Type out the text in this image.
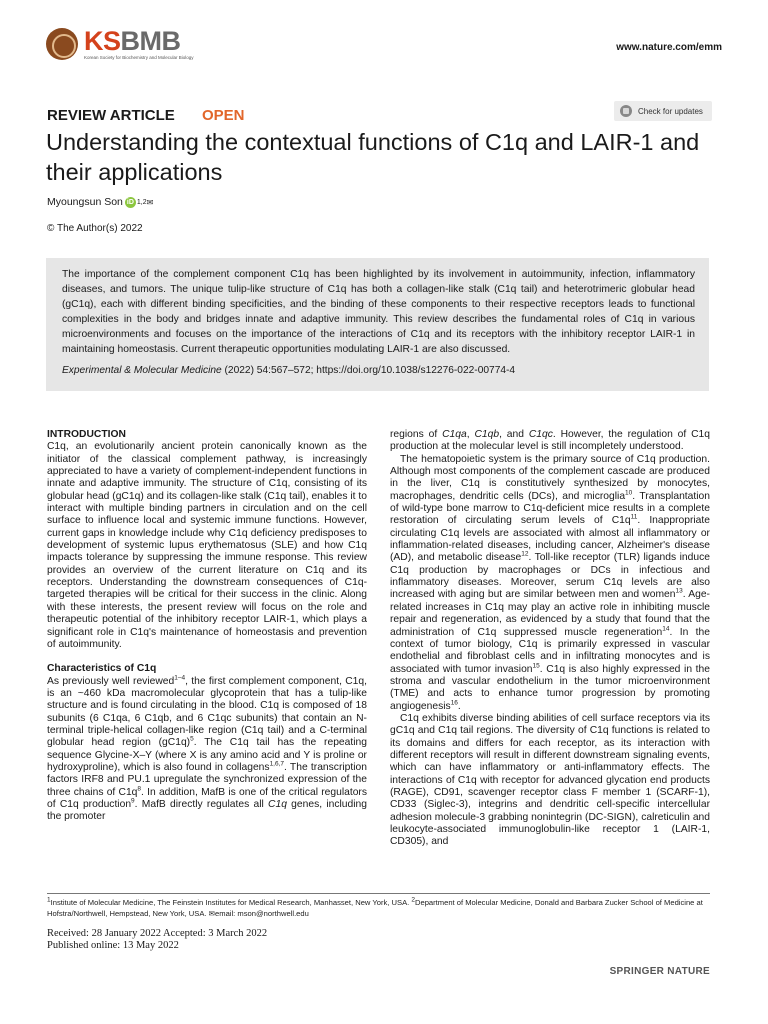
KSBMB
Korean Society for Biochemistry and Molecular Biology
www.nature.com/emm
REVIEW ARTICLE OPEN	Check for updates
Understanding the contextual functions of C1q and LAIR-1 and their applications
Myoungsun Son iD 1,2 ✉
© The Author(s) 2022

The importance of the complement component C1q has been highlighted by its involvement in autoimmunity, infection, inflammatory diseases, and tumors. The unique tulip-like structure of C1q has both a collagen-like stalk (C1q tail) and heterotrimeric globular head (gC1q), each with different binding specificities, and the binding of these components to their respective receptors leads to functional complexities in the body and bridges innate and adaptive immunity. This review describes the fundamental roles of C1q in various microenvironments and focuses on the importance of the interactions of C1q and its receptors with the inhibitory receptor LAIR-1 in maintaining homeostasis. Current therapeutic opportunities modulating LAIR-1 are also discussed.

Experimental & Molecular Medicine (2022) 54:567–572; https://doi.org/10.1038/s12276-022-00774-4
INTRODUCTION

C1q, an evolutionarily ancient protein canonically known as the initiator of the classical complement pathway, is increasingly appreciated to have a variety of complement-independent functions in innate and adaptive immunity. The structure of C1q, consisting of its globular head (gC1q) and its collagen-like stalk (C1q tail), enables it to interact with multiple binding partners in circulation and on the cell surface to influence local and systemic immune functions. However, current gaps in knowledge include why C1q deficiency predisposes to development of systemic lupus erythematosus (SLE) and how C1q impacts tolerance by suppressing the immune response. This review provides an overview of the current literature on C1q and its receptors. Understanding the downstream consequences of C1q-targeted therapies will be critical for their success in the clinic. Along with these interests, the present review will focus on the role and therapeutic potential of the inhibitory receptor LAIR-1, which plays a significant role in C1q's maintenance of homeostasis and prevention of autoimmunity.

Characteristics of C1q

As previously well reviewed$^{1-4}$, the first complement component, C1q, is an ~460 kDa macromolecular glycoprotein that has a tulip-like structure and is found circulating in the blood. C1q is composed of 18 subunits (6 C1qa, 6 C1qb, and 6 C1qc subunits) that contain an N-terminal triple-helical collagen-like region (C1q tail) and a C-terminal globular head region $(gC1q)^5$. The C1q tail has the repeating sequence Glycine-X–Y (where X is any amino acid and Y is proline or hydroxyproline), which is also found in collagens$^{1,6,7}$. The transcription factors IRF8 and PU.1 upregulate the synchronized expression of the three chains of $C1q^8$. In addition, MafB is one of the critical regulators of C1q production$^9$. MafB directly regulates all C1q genes, including the promoter

regions of C1qa, C1qb, and C1qc. However, the regulation of C1q production at the molecular level is still incompletely understood.

The hematopoietic system is the primary source of C1q production. Although most components of the complement cascade are produced in the liver, C1q is constitutively synthesized by monocytes, macrophages, dendritic cells (DCs), and microglia$^{10}$. Transplantation of wild-type bone marrow to C1q-deficient mice results in a complete restoration of circulating serum levels of $C1q^{11}$. Inappropriate circulating C1q levels are associated with almost all inflammatory or inflammation-related diseases, including cancer, Alzheimer's disease (AD), and metabolic disease$^{12}$. Toll-like receptor (TLR) ligands induce C1q production by macrophages or DCs in infectious and inflammatory diseases. Moreover, serum C1q levels are also increased with aging but are similar between men and women$^{13}$. Age-related increases in C1q may play an active role in inhibiting muscle repair and regeneration, as evidenced by a study that found that the administration of C1q suppressed muscle regeneration$^{14}$. In the context of tumor biology, C1q is primarily expressed in vascular endothelial and fibroblast cells and in infiltrating monocytes and is associated with tumor invasion$^{15}$. C1q is also highly expressed in the stroma and vascular endothelium in the tumor microenvironment (TME) and acts to enhance tumor progression by promoting angiogenesis$^{16}$.

C1q exhibits diverse binding abilities of cell surface receptors via its gC1q and C1q tail regions. The diversity of C1q functions is related to its domains and differs for each receptor, as its interaction with different receptors will result in different downstream signaling events, which can have inflammatory or anti-inflammatory effects. The interactions of C1q with receptor for advanced glycation end products (RAGE), CD91, scavenger receptor class F member 1 (SCARF-1), CD33 (Siglec-3), integrins and dendritic cell-specific intercellular adhesion molecule-3 grabbing nonintegrin (DC-SIGN), calreticulin and leukocyte-associated immunoglobulin-like receptor 1 (LAIR-1, CD305), and

$^1$Institute of Molecular Medicine, The Feinstein Institutes for Medical Research, Manhasset, New York, USA. $^2$Department of Molecular Medicine, Donald and Barbara Zucker School of Medicine at Hofstra/Northwell, Hempstead, New York, USA. ✉email: mson@northwell.edu
Received: 28 January 2022 Accepted: 3 March 2022
Published online: 13 May 2022
SPRINGER NATURE
